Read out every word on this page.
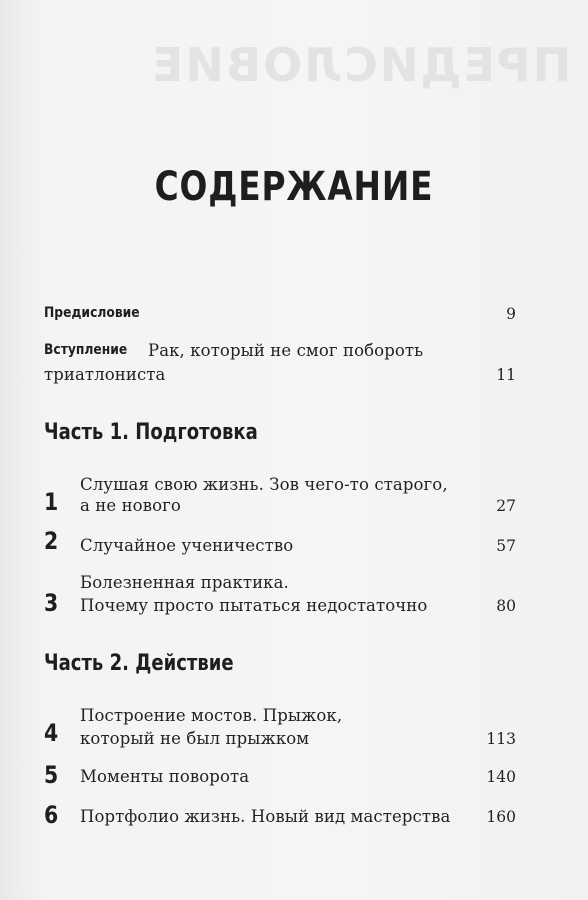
ПРЕДИСЛОВИЕ

СОДЕРЖАНИЕ
Предисловие	9
Вступление Рак, который не смог побороть
триатлониста	11
Часть 1. Подготовка
Слушая свою жизнь. Зов чего-то старого,
1 а не нового	27
2 Случайное ученичество	57
Болезненная практика.
3 Почему просто пытаться недостаточно	80
Часть 2. Действие
Построение мостов. Прыжок,
4 который не был прыжком	113
5 Моменты поворота	140
6 Портфолио жизнь. Новый вид мастерства	160
